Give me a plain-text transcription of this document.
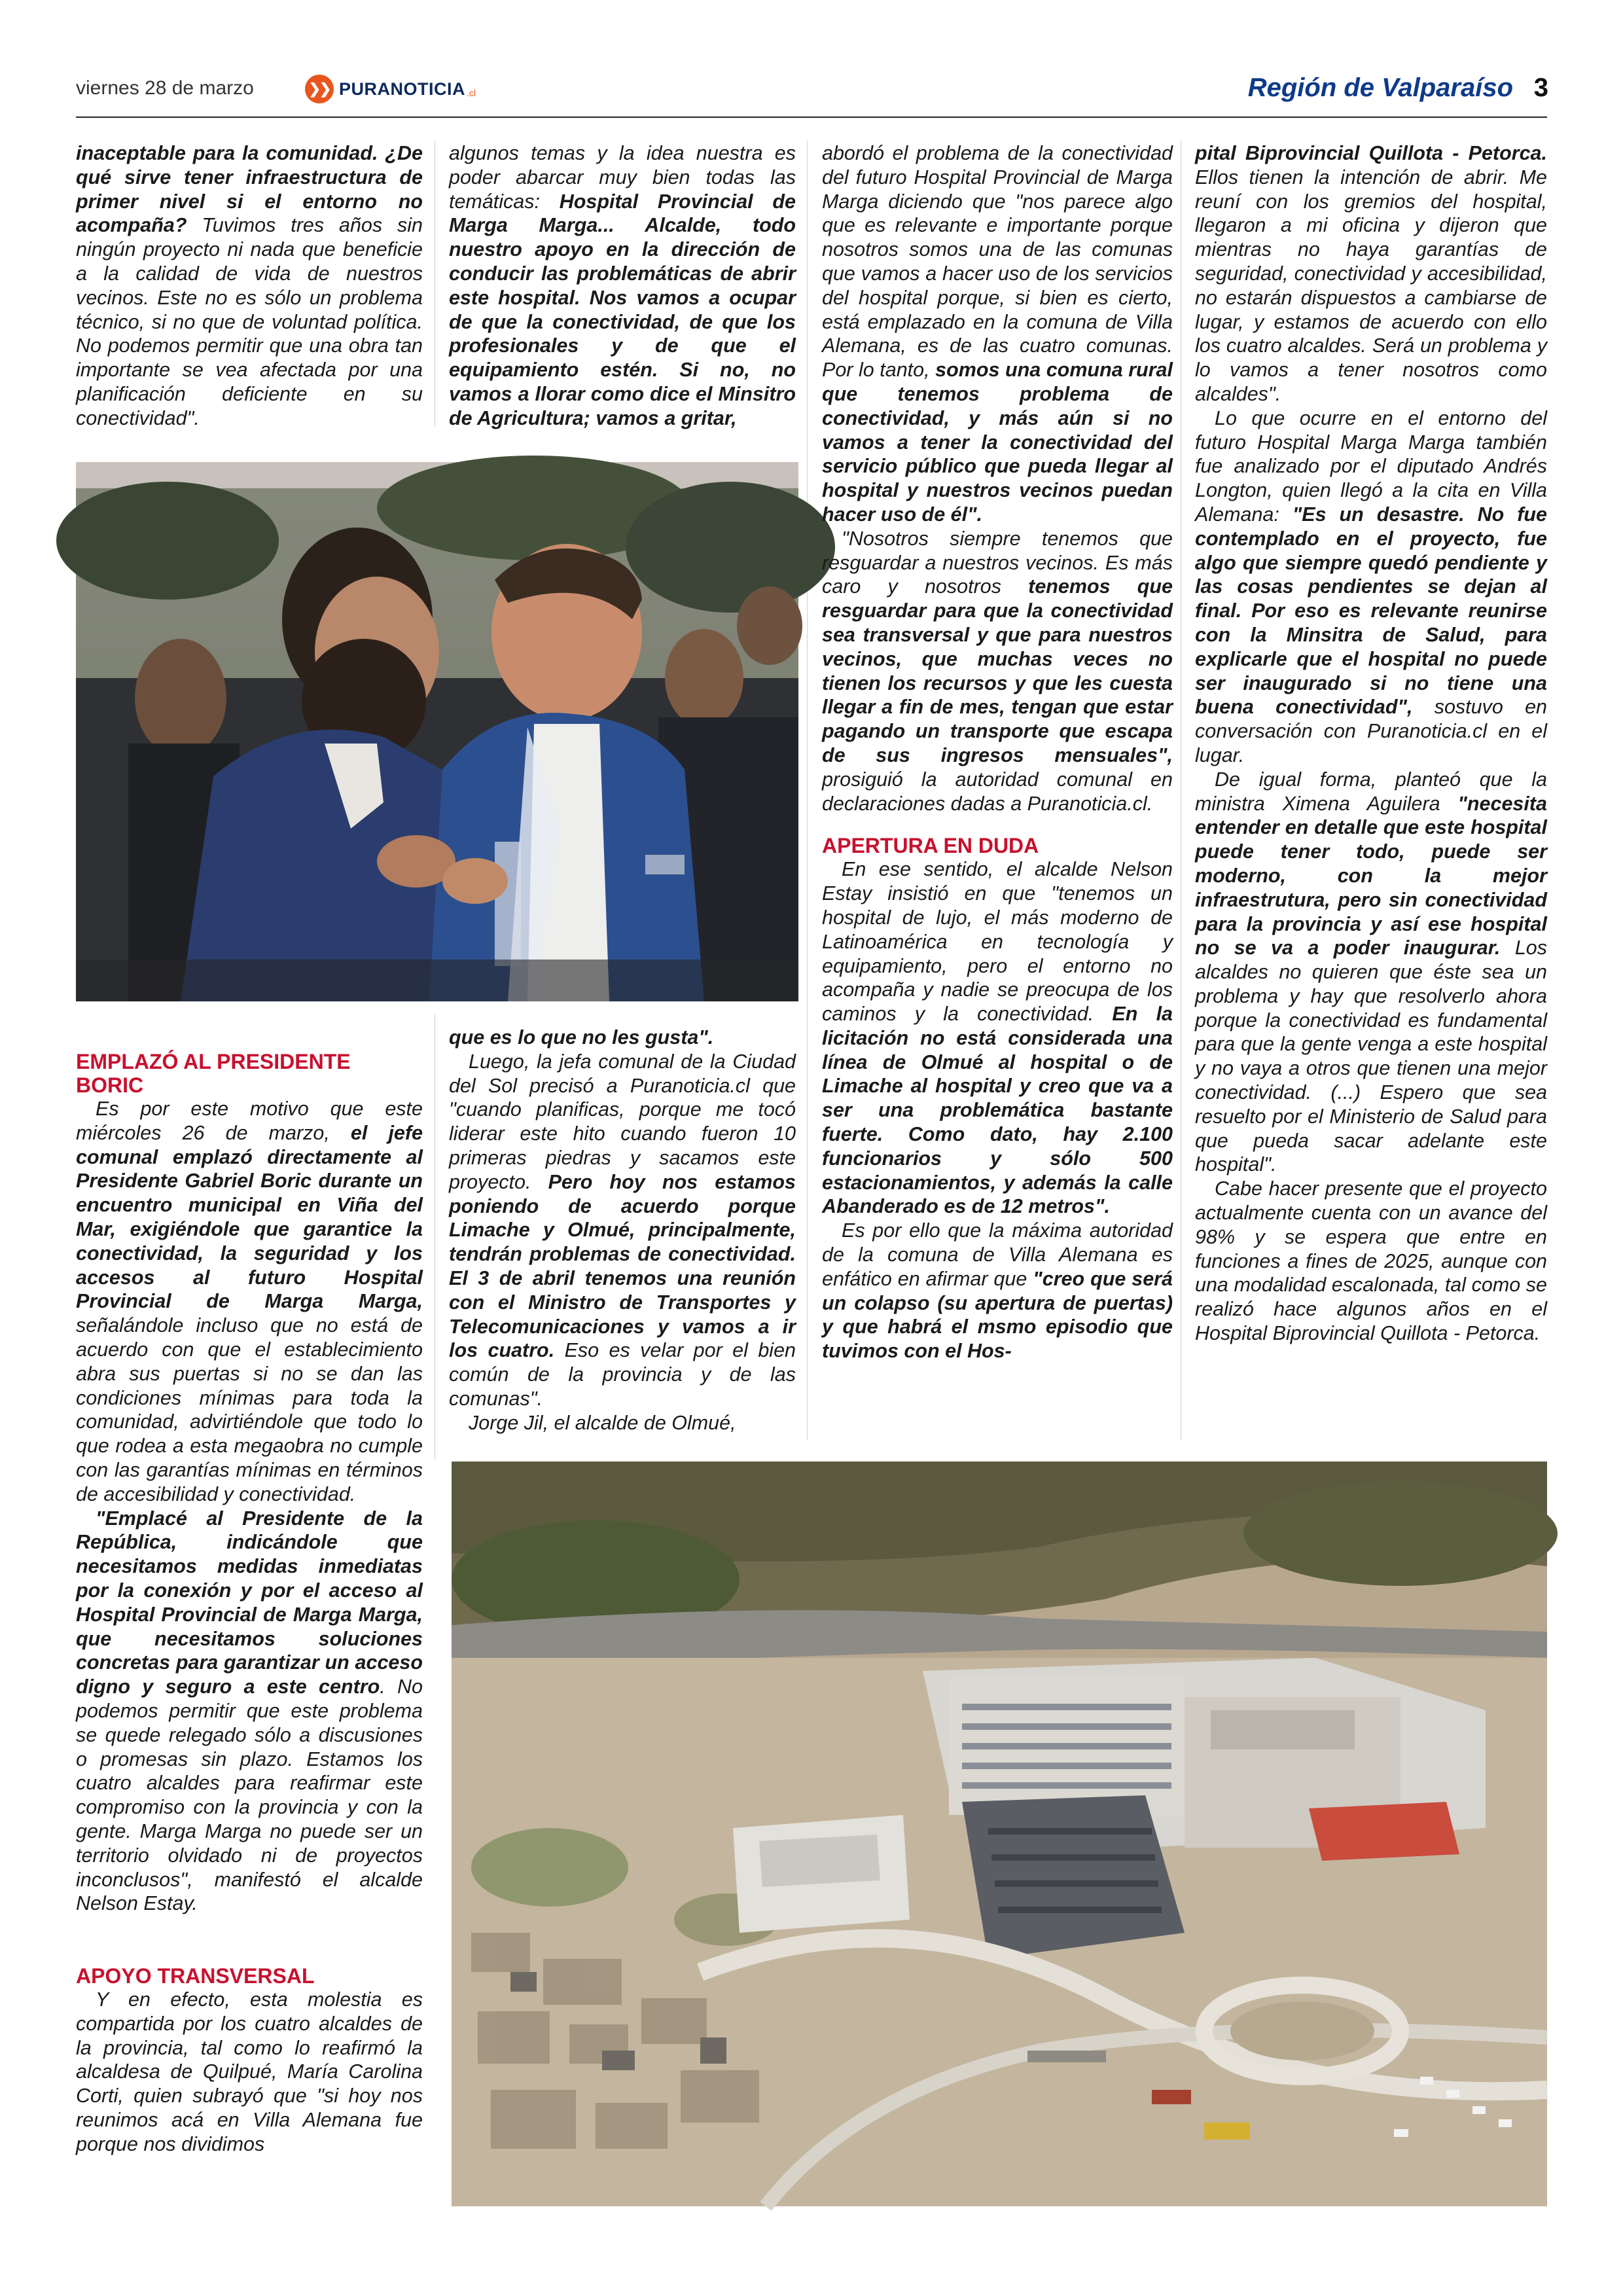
viernes 28 de marzo	❯❯ PURANOTICIA .cl	Región de Valparaíso 3

inaceptable para la comunidad. ¿De qué sirve tener infraestructura de primer nivel si el entorno no acompaña? Tuvimos tres años sin ningún proyecto ni nada que beneficie a la calidad de vida de nuestros vecinos. Este no es sólo un problema técnico, si no que de voluntad política. No podemos permitir que una obra tan importante se vea afectada por una planificación deficiente en su conectividad".

algunos temas y la idea nuestra es poder abarcar muy bien todas las temáticas: Hospital Provincial de Marga Marga... Alcalde, todo nuestro apoyo en la dirección de conducir las problemáticas de abrir este hospital. Nos vamos a ocupar de que la conectividad, de que los profesionales y de que el equipamiento estén. Si no, no vamos a llorar como dice el Minsitro de Agricultura; vamos a gritar,

EMPLAZÓ AL PRESIDENTE BORIC

Es por este motivo que este miércoles 26 de marzo, el jefe comunal emplazó directamente al Presidente Gabriel Boric durante un encuentro municipal en Viña del Mar, exigiéndole que garantice la conectividad, la seguridad y los accesos al futuro Hospital Provincial de Marga Marga, señalándole incluso que no está de acuerdo con que el establecimiento abra sus puertas si no se dan las condiciones mínimas para toda la comunidad, advirtiéndole que todo lo que rodea a esta megaobra no cumple con las garantías mínimas en términos de accesibilidad y conectividad.

"Emplacé al Presidente de la República, indicándole que necesitamos medidas inmediatas por la conexión y por el acceso al Hospital Provincial de Marga Marga, que necesitamos soluciones concretas para garantizar un acceso digno y seguro a este centro. No podemos permitir que este problema se quede relegado sólo a discusiones o promesas sin plazo. Estamos los cuatro alcaldes para reafirmar este compromiso con la provincia y con la gente. Marga Marga no puede ser un territorio olvidado ni de proyectos inconclusos", manifestó el alcalde Nelson Estay.

APOYO TRANSVERSAL

Y en efecto, esta molestia es compartida por los cuatro alcaldes de la provincia, tal como lo reafirmó la alcaldesa de Quilpué, María Carolina Corti, quien subrayó que "si hoy nos reunimos acá en Villa Alemana fue porque nos dividimos

que es lo que no les gusta".

Luego, la jefa comunal de la Ciudad del Sol precisó a Puranoticia.cl que "cuando planificas, porque me tocó liderar este hito cuando fueron 10 primeras piedras y sacamos este proyecto. Pero hoy nos estamos poniendo de acuerdo porque Limache y Olmué, principalmente, tendrán problemas de conectividad. El 3 de abril tenemos una reunión con el Ministro de Transportes y Telecomunicaciones y vamos a ir los cuatro. Eso es velar por el bien común de la provincia y de las comunas".

Jorge Jil, el alcalde de Olmué,

abordó el problema de la conectividad del futuro Hospital Provincial de Marga Marga diciendo que "nos parece algo que es relevante e importante porque nosotros somos una de las comunas que vamos a hacer uso de los servicios del hospital porque, si bien es cierto, está emplazado en la comuna de Villa Alemana, es de las cuatro comunas. Por lo tanto, somos una comuna rural que tenemos problema de conectividad, y más aún si no vamos a tener la conectividad del servicio público que pueda llegar al hospital y nuestros vecinos puedan hacer uso de él".

"Nosotros siempre tenemos que resguardar a nuestros vecinos. Es más caro y nosotros tenemos que resguardar para que la conectividad sea transversal y que para nuestros vecinos, que muchas veces no tienen los recursos y que les cuesta llegar a fin de mes, tengan que estar pagando un transporte que escapa de sus ingresos mensuales", prosiguió la autoridad comunal en declaraciones dadas a Puranoticia.cl.

APERTURA EN DUDA

En ese sentido, el alcalde Nelson Estay insistió en que "tenemos un hospital de lujo, el más moderno de Latinoamérica en tecnología y equipamiento, pero el entorno no acompaña y nadie se preocupa de los caminos y la conectividad. En la licitación no está considerada una línea de Olmué al hospital o de Limache al hospital y creo que va a ser una problemática bastante fuerte. Como dato, hay 2.100 funcionarios y sólo 500 estacionamientos, y además la calle Abanderado es de 12 metros".

Es por ello que la máxima autoridad de la comuna de Villa Alemana es enfático en afirmar que "creo que será un colapso (su apertura de puertas) y que habrá el msmo episodio que tuvimos con el Hos-

pital Biprovincial Quillota - Petorca. Ellos tienen la intención de abrir. Me reuní con los gremios del hospital, llegaron a mi oficina y dijeron que mientras no haya garantías de seguridad, conectividad y accesibilidad, no estarán dispuestos a cambiarse de lugar, y estamos de acuerdo con ello los cuatro alcaldes. Será un problema y lo vamos a tener nosotros como alcaldes".

Lo que ocurre en el entorno del futuro Hospital Marga Marga también fue analizado por el diputado Andrés Longton, quien llegó a la cita en Villa Alemana: "Es un desastre. No fue contemplado en el proyecto, fue algo que siempre quedó pendiente y las cosas pendientes se dejan al final. Por eso es relevante reunirse con la Minsitra de Salud, para explicarle que el hospital no puede ser inaugurado si no tiene una buena conectividad", sostuvo en conversación con Puranoticia.cl en el lugar.

De igual forma, planteó que la ministra Ximena Aguilera "necesita entender en detalle que este hospital puede tener todo, puede ser moderno, con la mejor infraestrutura, pero sin conectividad para la provincia y así ese hospital no se va a poder inaugurar. Los alcaldes no quieren que éste sea un problema y hay que resolverlo ahora porque la conectividad es fundamental para que la gente venga a este hospital y no vaya a otros que tienen una mejor conectividad. (...) Espero que sea resuelto por el Ministerio de Salud para que pueda sacar adelante este hospital".

Cabe hacer presente que el proyecto actualmente cuenta con un avance del 98% y se espera que entre en funciones a fines de 2025, aunque con una modalidad escalonada, tal como se realizó hace algunos años en el Hospital Biprovincial Quillota - Petorca.
